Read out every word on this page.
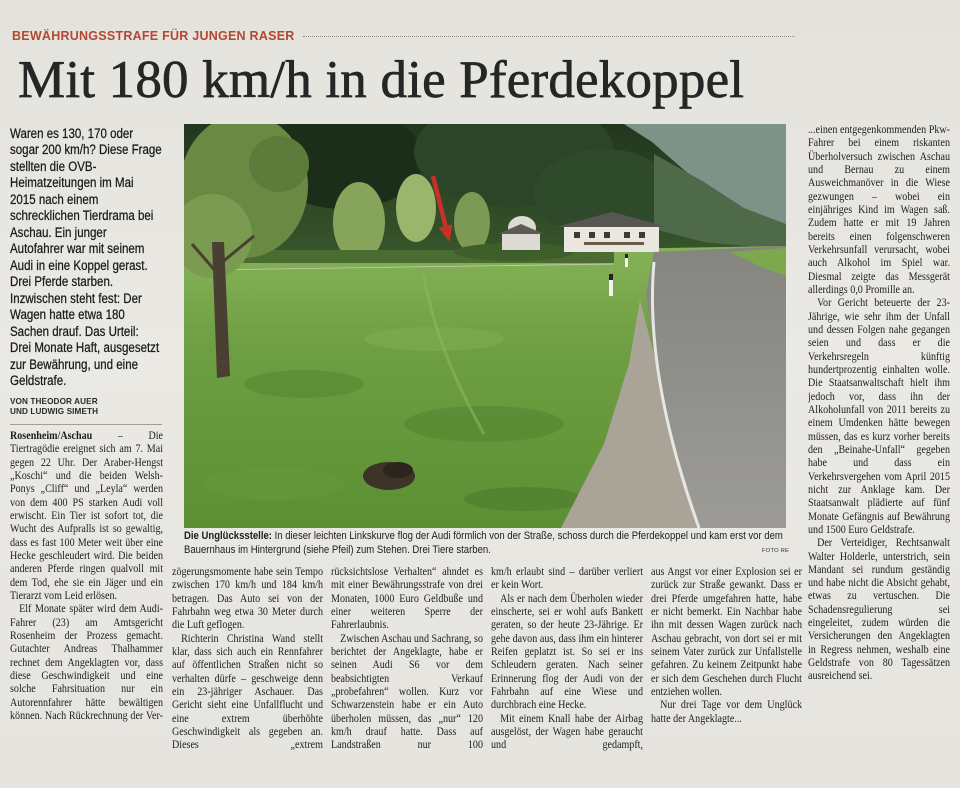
BEWÄHRUNGSSTRAFE FÜR JUNGEN RASER
Mit 180 km/h in die Pferdekoppel
Waren es 130, 170 oder sogar 200 km/h? Diese Frage stellten die OVB-Heimatzeitungen im Mai 2015 nach einem schrecklichen Tierdrama bei Aschau. Ein junger Autofahrer war mit seinem Audi in eine Koppel gerast. Drei Pferde starben. Inzwischen steht fest: Der Wagen hatte etwa 180 Sachen drauf. Das Urteil: Drei Monate Haft, ausgesetzt zur Bewährung, und eine Geldstrafe.
VON THEODOR AUER
UND LUDWIG SIMETH

Rosenheim/Aschau – Die Tiertragödie ereignet sich am 7. Mai gegen 22 Uhr. Der Araber-Hengst „Koschi“ und die beiden Welsh-Ponys „Cliff“ und „Leyla“ werden von dem 400 PS starken Audi voll erwischt. Ein Tier ist sofort tot, die Wucht des Aufpralls ist so gewaltig, dass es fast 100 Meter weit über eine Hecke geschleudert wird. Die beiden anderen Pferde ringen qualvoll mit dem Tod, ehe sie ein Jäger und ein Tierarzt vom Leid erlösen.

Elf Monate später wird dem Audi-Fahrer (23) am Amtsgericht Rosenheim der Prozess gemacht. Gutachter Andreas Thalhammer rechnet dem Angeklagten vor, dass diese Geschwindigkeit und eine solche Fahrsituation nur ein Autorennfahrer hätte bewältigen können. Nach Rückrechnung der Ver-

zögerungsmomente habe sein Tempo zwischen 170 km/h und 184 km/h betragen. Das Auto sei von der Fahrbahn weg etwa 30 Meter durch die Luft geflogen.

Richterin Christina Wand stellt klar, dass sich auch ein Rennfahrer auf öffentlichen Straßen nicht so verhalten dürfe – geschweige denn ein 23-jähriger Aschauer. Das Gericht sieht eine Unfallflucht und eine extrem überhöhte Geschwindigkeit als gegeben an. Dieses „extrem

rücksichtslose Verhalten“ ahndet es mit einer Bewährungsstrafe von drei Monaten, 1000 Euro Geldbuße und einer weiteren Sperre der Fahrerlaubnis.

Zwischen Aschau und Sachrang, so berichtet der Angeklagte, habe er seinen Audi S6 vor dem beabsichtigten Verkauf „probefahren“ wollen. Kurz vor Schwarzenstein habe er ein Auto überholen müssen, das „nur“ 120 km/h drauf hatte. Dass auf Landstraßen nur 100

km/h erlaubt sind – darüber verliert er kein Wort.

Als er nach dem Überholen wieder einscherte, sei er wohl aufs Bankett geraten, so der heute 23-Jährige. Er gehe davon aus, dass ihm ein hinterer Reifen geplatzt ist. So sei er ins Schleudern geraten. Nach seiner Erinnerung flog der Audi von der Fahrbahn auf eine Wiese und durchbrach eine Hecke.

Mit einem Knall habe der Airbag ausgelöst, der Wagen habe geraucht und gedampft,

aus Angst vor einer Explosion sei er zurück zur Straße gewankt. Dass er drei Pferde umgefahren hatte, habe er nicht bemerkt. Ein Nachbar habe ihn mit dessen Wagen zurück nach Aschau gebracht, von dort sei er mit seinem Vater zurück zur Unfallstelle gefahren. Zu keinem Zeitpunkt habe er sich dem Geschehen durch Flucht entziehen wollen.

Nur drei Tage vor dem Unglück hatte der Angeklagte...

...einen entgegenkommenden Pkw-Fahrer bei einem riskanten Überholversuch zwischen Aschau und Bernau zu einem Ausweichmanöver in die Wiese gezwungen – wobei ein einjähriges Kind im Wagen saß. Zudem hatte er mit 19 Jahren bereits einen folgenschweren Verkehrsunfall verursacht, wobei auch Alkohol im Spiel war. Diesmal zeigte das Messgerät allerdings 0,0 Promille an.

Vor Gericht beteuerte der 23-Jährige, wie sehr ihm der Unfall und dessen Folgen nahe gegangen seien und dass er die Verkehrsregeln künftig hundertprozentig einhalten wolle. Die Staatsanwaltschaft hielt ihm jedoch vor, dass ihn der Alkoholunfall von 2011 bereits zu einem Umdenken hätte bewegen müssen, das es kurz vorher bereits den „Beinahe-Unfall“ gegeben habe und dass ein Verkehrsvergehen vom April 2015 nicht zur Anklage kam. Der Staatsanwalt plädierte auf fünf Monate Gefängnis auf Bewährung und 1500 Euro Geldstrafe.

Der Verteidiger, Rechtsanwalt Walter Holderle, unterstrich, sein Mandant sei rundum geständig und habe nicht die Absicht gehabt, etwas zu vertuschen. Die Schadensregulierung sei eingeleitet, zudem würden die Versicherungen den Angeklagten in Regress nehmen, weshalb eine Geldstrafe von 80 Tagessätzen ausreichend sei.

Die Unglücksstelle: In dieser leichten Linkskurve flog der Audi förmlich von der Straße, schoss durch die Pferdekoppel und kam erst vor dem Bauernhaus im Hintergrund (siehe Pfeil) zum Stehen. Drei Tiere starben.	FOTO RE
